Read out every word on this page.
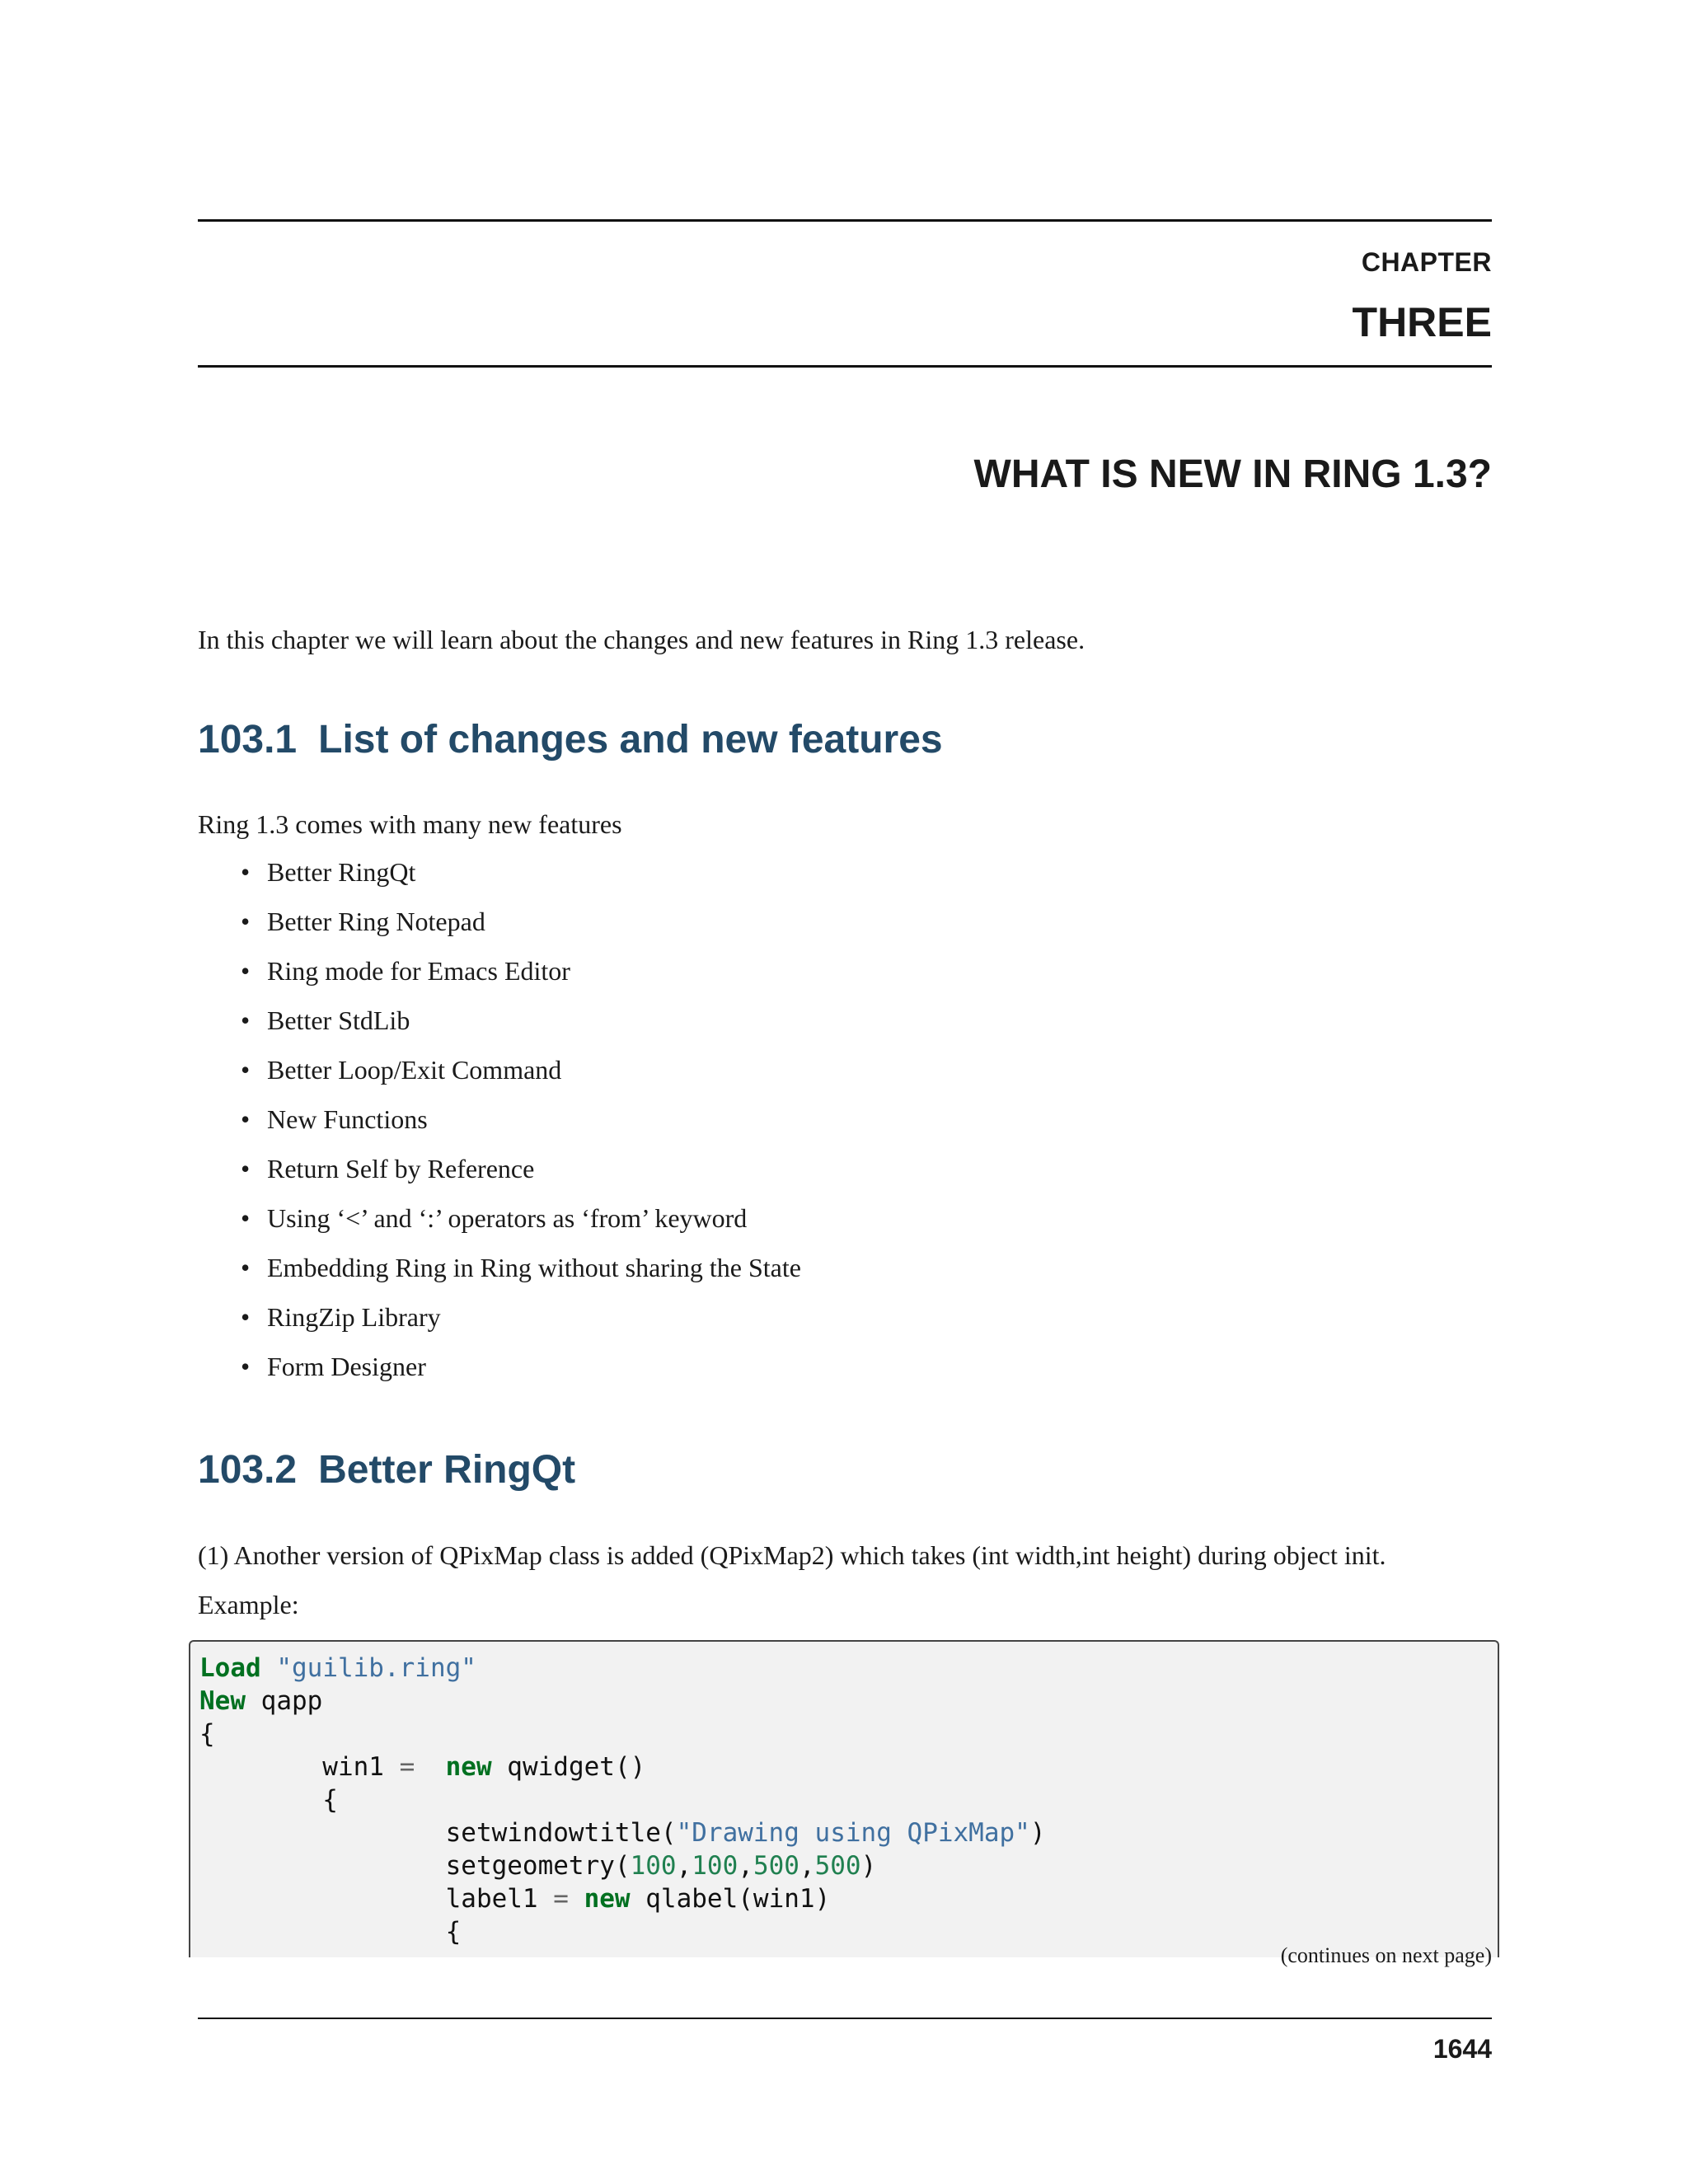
CHAPTER
THREE
WHAT IS NEW IN RING 1.3?

In this chapter we will learn about the changes and new features in Ring 1.3 release.

103.1 List of changes and new features

Ring 1.3 comes with many new features

• Better RingQt
• Better Ring Notepad
• Ring mode for Emacs Editor
• Better StdLib
• Better Loop/Exit Command
• New Functions
• Return Self by Reference
• Using ‘<’ and ‘:’ operators as ‘from’ keyword
• Embedding Ring in Ring without sharing the State
• RingZip Library
• Form Designer
103.2 Better RingQt

(1) Another version of QPixMap class is added (QPixMap2) which takes (int width,int height) during object init.

Example:

Load "guilib.ring"
New qapp
{
win1 = new qwidget()
{
setwindowtitle("Drawing using QPixMap")
setgeometry(100,100,500,500)
label1 = new qlabel(win1)
{
(continues on next page)
1644
